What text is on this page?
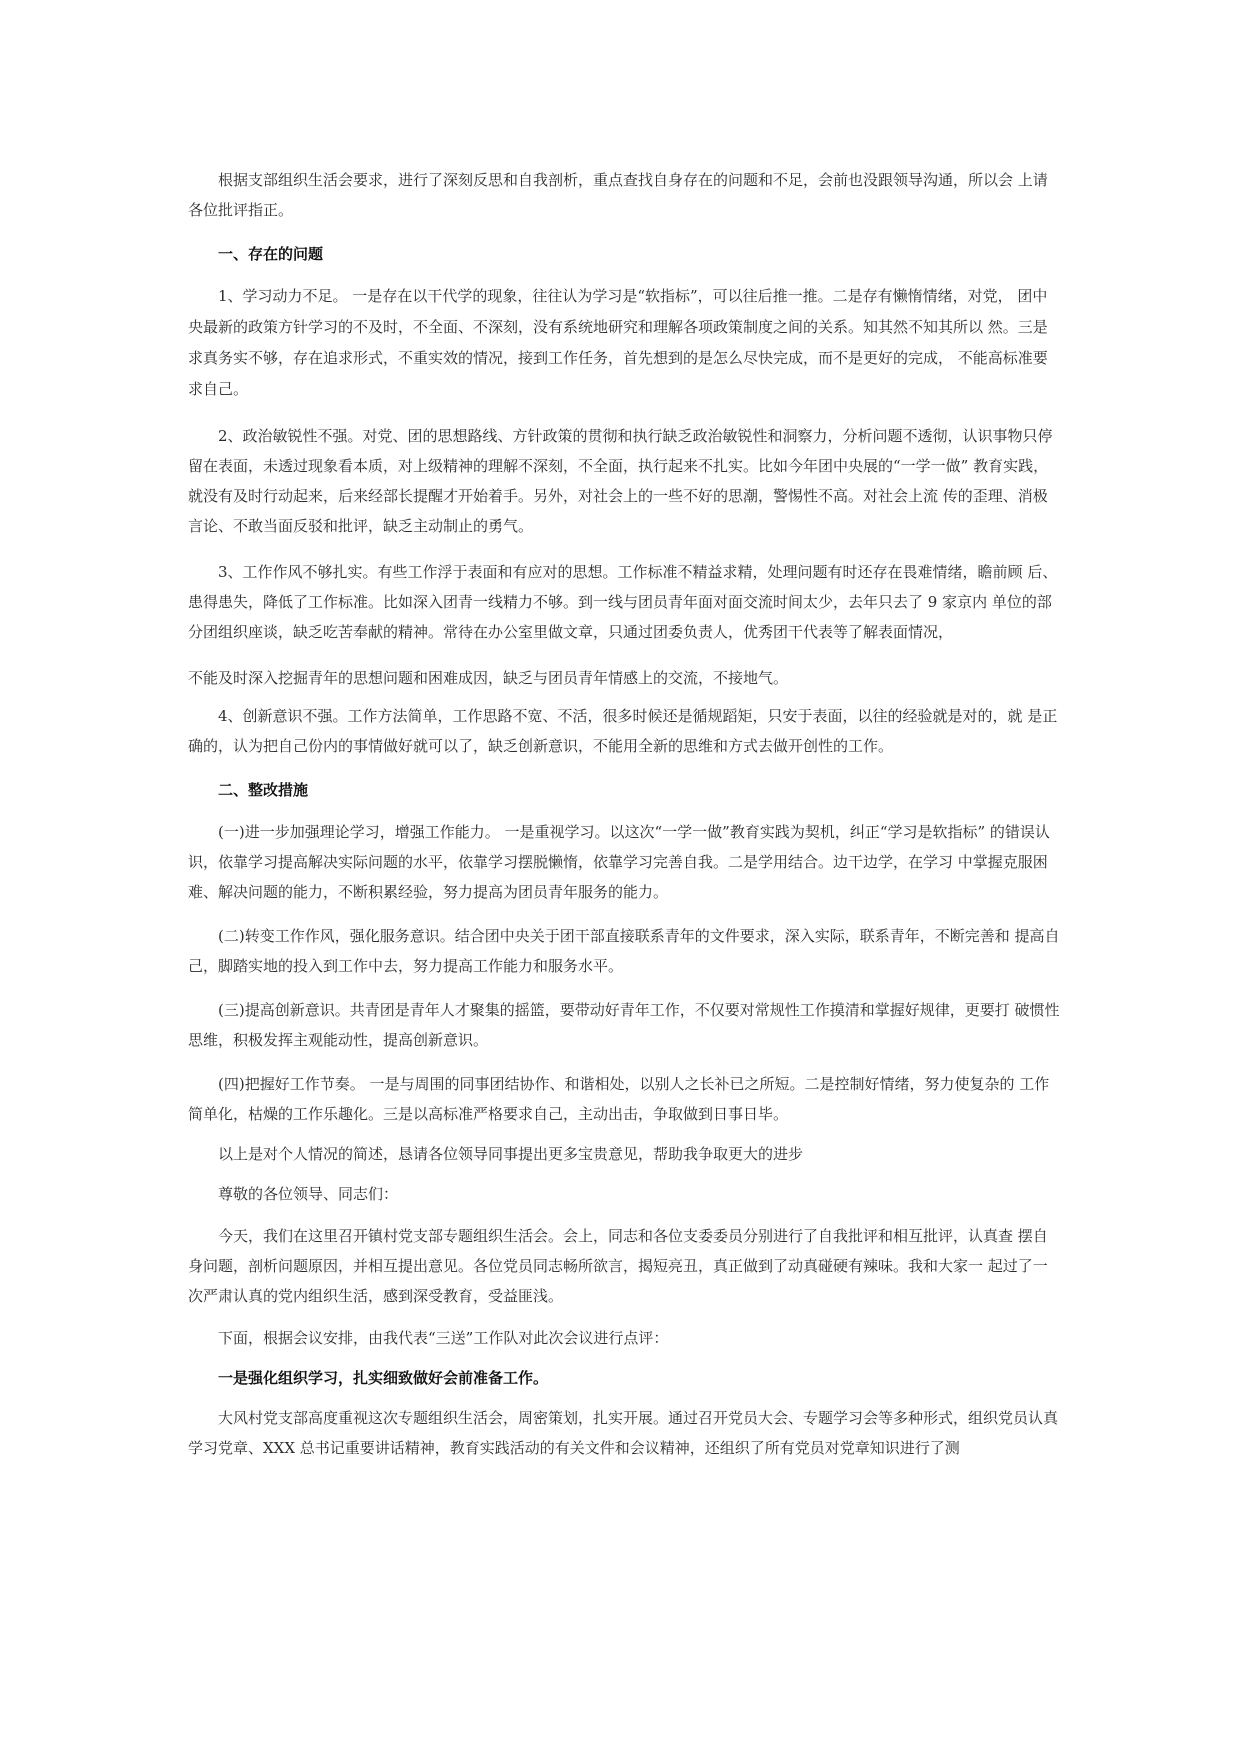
根据支部组织生活会要求，进行了深刻反思和自我剖析，重点查找自身存在的问题和不足，会前也没跟领导沟通，所以会 上请各位批评指正。

一、存在的问题

1、学习动力不足。 一是存在以干代学的现象，往往认为学习是“软指标”，可以往后推一推。二是存有懒惰情绪，对党， 团中央最新的政策方针学习的不及时，不全面、不深刻，没有系统地研究和理解各项政策制度之间的关系。知其然不知其所以 然。三是求真务实不够，存在追求形式，不重实效的情况，接到工作任务，首先想到的是怎么尽快完成，而不是更好的完成， 不能高标准要求自己。

2、政治敏锐性不强。对党、团的思想路线、方针政策的贯彻和执行缺乏政治敏锐性和洞察力，分析问题不透彻，认识事物只停留在表面，未透过现象看本质，对上级精神的理解不深刻，不全面，执行起来不扎实。比如今年团中央展的“一学一做” 教育实践，就没有及时行动起来，后来经部长提醒才开始着手。另外，对社会上的一些不好的思潮，警惕性不高。对社会上流 传的歪理、消极言论、不敢当面反驳和批评，缺乏主动制止的勇气。

3、工作作风不够扎实。有些工作浮于表面和有应对的思想。工作标准不精益求精，处理问题有时还存在畏难情绪，瞻前顾 后、患得患失，降低了工作标准。比如深入团青一线精力不够。到一线与团员青年面对面交流时间太少，去年只去了 9 家京内 单位的部分团组织座谈，缺乏吃苦奉献的精神。常待在办公室里做文章，只通过团委负责人，优秀团干代表等了解表面情况，

不能及时深入挖掘青年的思想问题和困难成因，缺乏与团员青年情感上的交流，不接地气。

4、创新意识不强。工作方法简单，工作思路不宽、不活，很多时候还是循规蹈矩，只安于表面，以往的经验就是对的，就 是正确的，认为把自己份内的事情做好就可以了，缺乏创新意识，不能用全新的思维和方式去做开创性的工作。

二、整改措施

(一)进一步加强理论学习，增强工作能力。 一是重视学习。以这次“一学一做”教育实践为契机，纠正“学习是软指标” 的错误认识，依靠学习提高解决实际问题的水平，依靠学习摆脱懒惰，依靠学习完善自我。二是学用结合。边干边学，在学习 中掌握克服困难、解决问题的能力，不断积累经验，努力提高为团员青年服务的能力。

(二)转变工作作风，强化服务意识。结合团中央关于团干部直接联系青年的文件要求，深入实际，联系青年，不断完善和 提高自己，脚踏实地的投入到工作中去，努力提高工作能力和服务水平。

(三)提高创新意识。共青团是青年人才聚集的摇篮，要带动好青年工作，不仅要对常规性工作摸清和掌握好规律，更要打 破惯性思维，积极发挥主观能动性，提高创新意识。

(四)把握好工作节奏。 一是与周围的同事团结协作、和谐相处，以别人之长补已之所短。二是控制好情绪，努力使复杂的 工作简单化，枯燥的工作乐趣化。三是以高标准严格要求自己，主动出击，争取做到日事日毕。

以上是对个人情况的简述，恳请各位领导同事提出更多宝贵意见，帮助我争取更大的进步

尊敬的各位领导、同志们：

今天，我们在这里召开镇村党支部专题组织生活会。会上，同志和各位支委委员分别进行了自我批评和相互批评，认真查 摆自身问题，剖析问题原因，并相互提出意见。各位党员同志畅所欲言，揭短亮丑，真正做到了动真碰硬有辣味。我和大家一 起过了一次严肃认真的党内组织生活，感到深受教育，受益匪浅。

下面，根据会议安排，由我代表“三送”工作队对此次会议进行点评：

一是强化组织学习，扎实细致做好会前准备工作。

大风村党支部高度重视这次专题组织生活会，周密策划，扎实开展。通过召开党员大会、专题学习会等多种形式，组织党员认真学习党章、XXX 总书记重要讲话精神，教育实践活动的有关文件和会议精神，还组织了所有党员对党章知识进行了测
